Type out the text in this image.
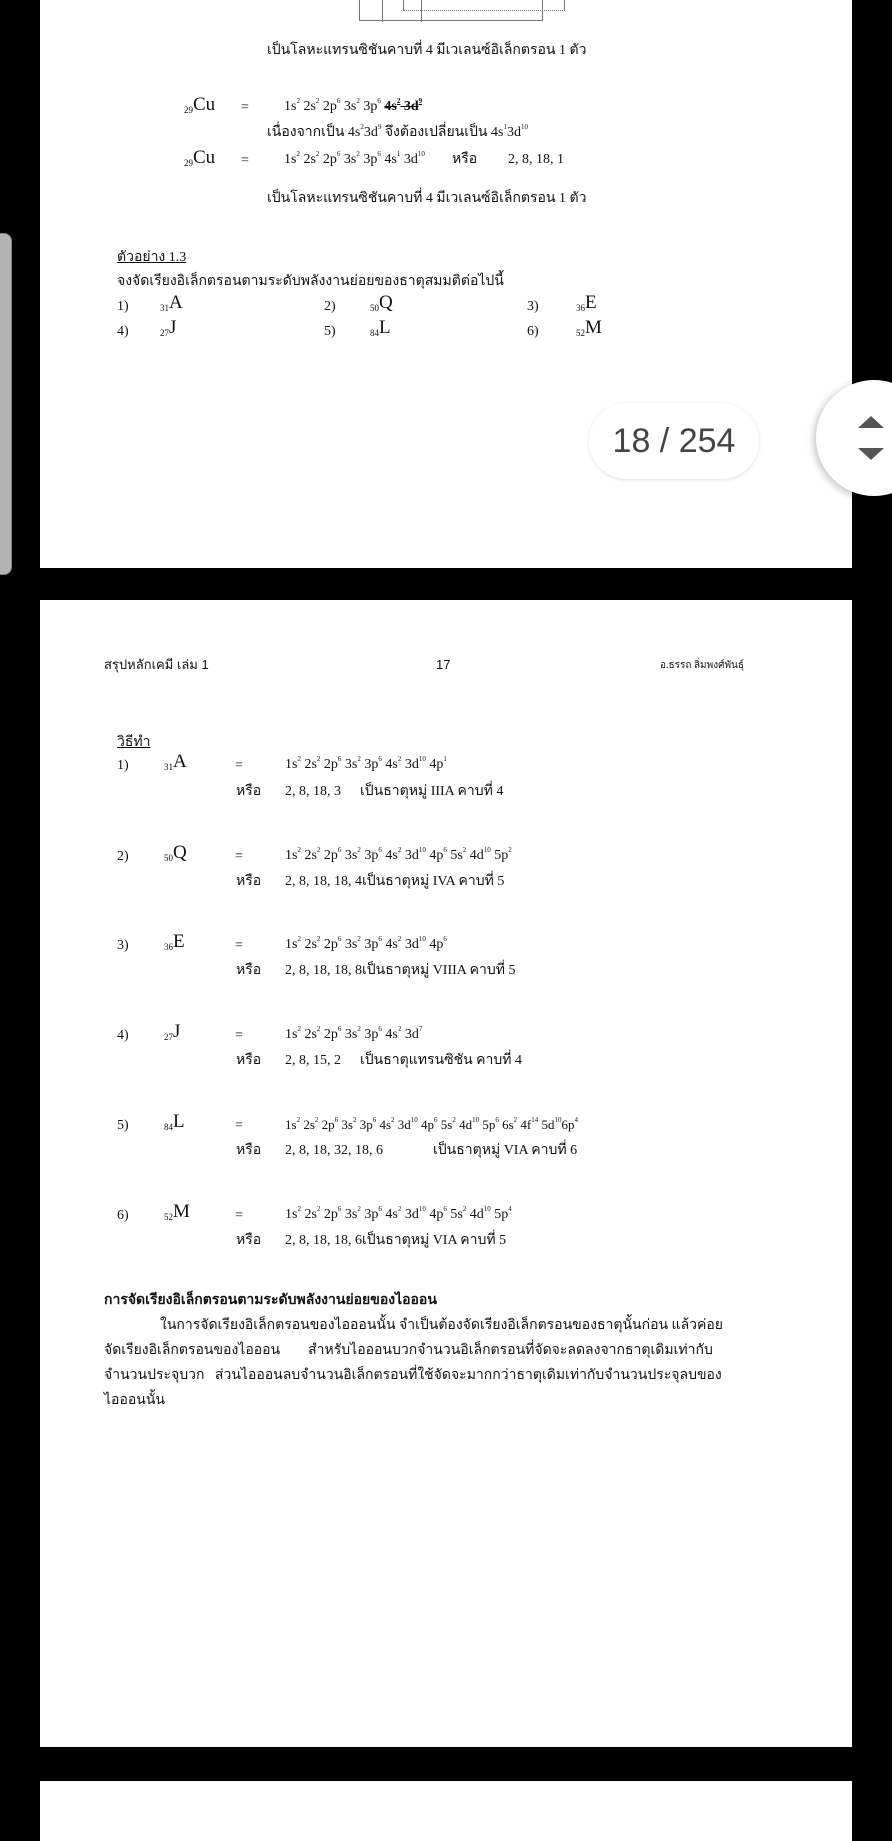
เป็นโลหะแทรนซิชันคาบที่ 4 มีเวเลนซ์อิเล็กตรอน 1 ตัว
$_{29}$Cu =	$1s^2$ $2s^2$ $2p^6$ $3s^2$ $3p^6$ $4s^2$ $3d^9$
เนื่องจากเป็น $4s^23d^9$ จึงต้องเปลี่ยนเป็น $4s^13d^{10}$
$_{29}$Cu =	$1s^2$ $2s^2$ $2p^6$ $3s^2$ $3p^6$ $4s^1$ $3d^{10}$ หรือ 2, 8, 18, 1
เป็นโลหะแทรนซิชันคาบที่ 4 มีเวเลนซ์อิเล็กตรอน 1 ตัว
ตัวอย่าง 1.3
จงจัดเรียงอิเล็กตรอนตามระดับพลังงานย่อยของธาตุสมมติต่อไปนี้
1)	$_{31}$A	2)	$_{50}$Q	3)	$_{36}$E
4)	$_{27}$J	5)	$_{84}$L	6)	$_{52}$M
สรุปหลักเคมี เล่ม 1	17	อ.ธรรถ ลิ่มพงศ์พันธุ์
วิธีทำ
1)	$_{31}$A	=	$1s^2$ $2s^2$ $2p^6$ $3s^2$ $3p^6$ $4s^2$ $3d^{10}$ $4p^1$
หรือ 2, 8, 18, 3 เป็นธาตุหมู่ IIIA คาบที่ 4
2)	$_{50}$Q	=	$1s^2$ $2s^2$ $2p^6$ $3s^2$ $3p^6$ $4s^2$ $3d^{10}$ $4p^6$ $5s^2$ $4d^{10}$ $5p^2$
หรือ 2, 8, 18, 18, 4 เป็นธาตุหมู่ IVA คาบที่ 5
3)	$_{36}$E	=	$1s^2$ $2s^2$ $2p^6$ $3s^2$ $3p^6$ $4s^2$ $3d^{10}$ $4p^6$
หรือ 2, 8, 18, 18, 8 เป็นธาตุหมู่ VIIIA คาบที่ 5
4)	$_{27}$J	=	$1s^2$ $2s^2$ $2p^6$ $3s^2$ $3p^6$ $4s^2$ $3d^7$
หรือ 2, 8, 15, 2 เป็นธาตุแทรนซิชัน คาบที่ 4
5)	$_{84}$L	=	$1s^2$ $2s^2$ $2p^6$ $3s^2$ $3p^6$ $4s^2$ $3d^{10}$ $4p^6$ $5s^2$ $4d^{10}$ $5p^6$ $6s^2$ $4f^{14}$ $5d^{10}6p^4$
หรือ 2, 8, 18, 32, 18, 6	เป็นธาตุหมู่ VIA คาบที่ 6
6)	$_{52}$M	=	$1s^2$ $2s^2$ $2p^6$ $3s^2$ $3p^6$ $4s^2$ $3d^{10}$ $4p^6$ $5s^2$ $4d^{10}$ $5p^4$
หรือ 2, 8, 18, 18, 6 เป็นธาตุหมู่ VIA คาบที่ 5
การจัดเรียงอิเล็กตรอนตามระดับพลังงานย่อยของไอออน
ในการจัดเรียงอิเล็กตรอนของไอออนนั้น จำเป็นต้องจัดเรียงอิเล็กตรอนของธาตุนั้นก่อน แล้วค่อย
จัดเรียงอิเล็กตรอนของไอออน        สำหรับไอออนบวกจำนวนอิเล็กตรอนที่จัดจะลดลงจากธาตุเดิมเท่ากับ
จำนวนประจุบวก   ส่วนไอออนลบจำนวนอิเล็กตรอนที่ใช้จัดจะมากกว่าธาตุเดิมเท่ากับจำนวนประจุลบของ
ไอออนนั้น
18 / 254
